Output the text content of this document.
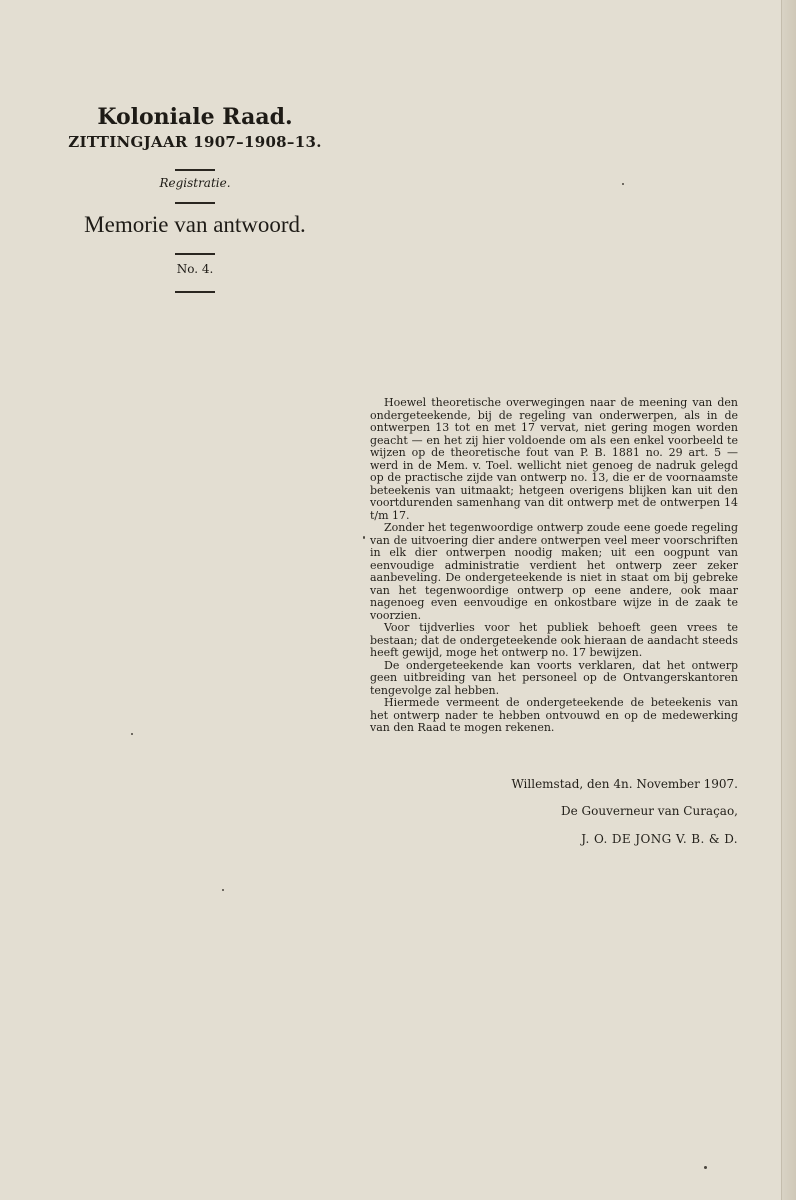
Koloniale Raad.
ZITTINGJAAR 1907–1908–13.
Registratie.
Memorie van antwoord.
No. 4.

Hoewel theoretische overwegingen naar de meening van den ondergeteekende, bij de regeling van onderwerpen, als in de ontwerpen 13 tot en met 17 vervat, niet gering mogen worden geacht — en het zij hier voldoende om als een enkel voorbeeld te wijzen op de theoretische fout van P. B. 1881 no. 29 art. 5 — werd in de Mem. v. Toel. wellicht niet genoeg de nadruk gelegd op de practische zijde van ontwerp no. 13, die er de voornaamste beteekenis van uitmaakt; hetgeen overigens blijken kan uit den voortdurenden samenhang van dit ontwerp met de ontwerpen 14 t/m 17.

Zonder het tegenwoordige ontwerp zoude eene goede regeling van de uitvoering dier andere ontwerpen veel meer voorschriften in elk dier ontwerpen noodig maken; uit een oogpunt van eenvoudige administratie verdient het ontwerp zeer zeker aanbeveling. De ondergeteekende is niet in staat om bij gebreke van het tegenwoordige ontwerp op eene andere, ook maar nagenoeg even eenvoudige en onkostbare wijze in de zaak te voorzien.

Voor tijdverlies voor het publiek behoeft geen vrees te bestaan; dat de ondergeteekende ook hieraan de aandacht steeds heeft gewijd, moge het ontwerp no. 17 bewijzen.

De ondergeteekende kan voorts verklaren, dat het ontwerp geen uitbreiding van het personeel op de Ontvangerskantoren tengevolge zal hebben.

Hiermede vermeent de ondergeteekende de beteekenis van het ontwerp nader te hebben ontvouwd en op de medewerking van den Raad te mogen rekenen.

Willemstad, den 4n. November 1907.
De Gouverneur van Curaçao,
J. O. DE JONG V. B. & D.
